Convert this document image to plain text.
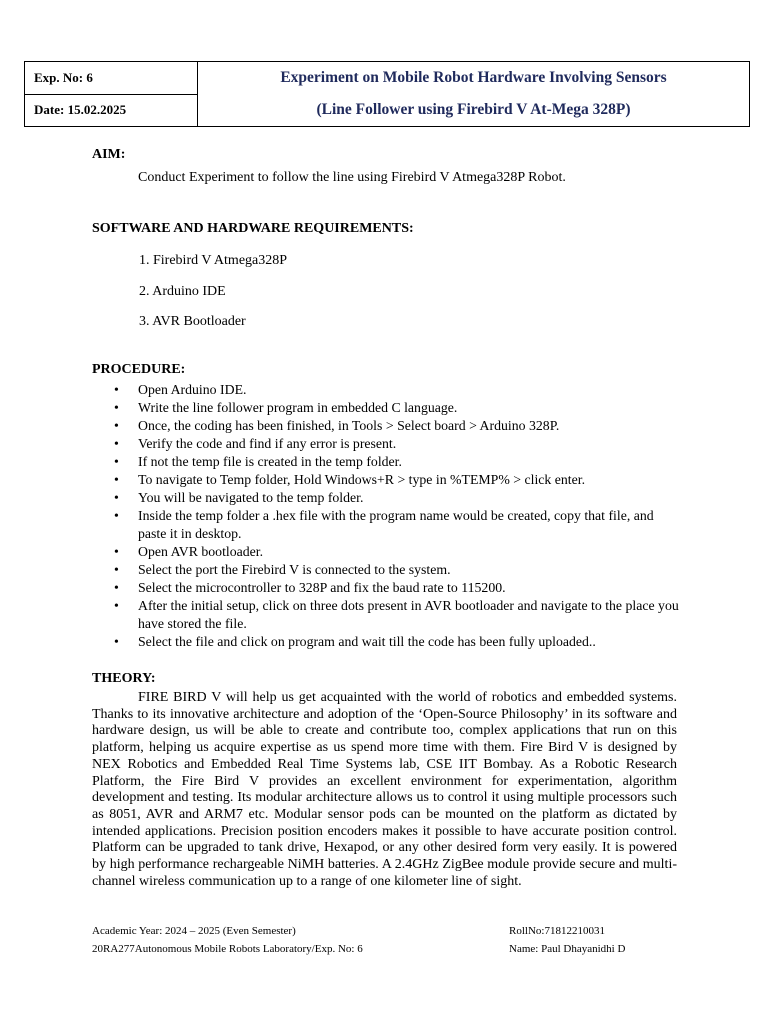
Exp. No: 6
Date: 15.02.2025
Experiment on Mobile Robot Hardware Involving Sensors
(Line Follower using Firebird V At-Mega 328P)
AIM:
Conduct Experiment to follow the line using Firebird V Atmega328P Robot.
SOFTWARE AND HARDWARE REQUIREMENTS:
1. Firebird V Atmega328P
2. Arduino IDE
3. AVR Bootloader
PROCEDURE:
• Open Arduino IDE.
• Write the line follower program in embedded C language.
• Once, the coding has been finished, in Tools > Select board > Arduino 328P.
• Verify the code and find if any error is present.
• If not the temp file is created in the temp folder.
• To navigate to Temp folder, Hold Windows+R > type in %TEMP% > click enter.
• You will be navigated to the temp folder.
• Inside the temp folder a .hex file with the program name would be created, copy that file, and paste it in desktop.
• Open AVR bootloader.
• Select the port the Firebird V is connected to the system.
• Select the microcontroller to 328P and fix the baud rate to 115200.
• After the initial setup, click on three dots present in AVR bootloader and navigate to the place you have stored the file.
• Select the file and click on program and wait till the code has been fully uploaded..
THEORY:

FIRE BIRD V will help us get acquainted with the world of robotics and embedded systems. Thanks to its innovative architecture and adoption of the ‘Open-Source Philosophy’ in its software and hardware design, us will be able to create and contribute too, complex applications that run on this platform, helping us acquire expertise as us spend more time with them. Fire Bird V is designed by NEX Robotics and Embedded Real Time Systems lab, CSE IIT Bombay. As a Robotic Research Platform, the Fire Bird V provides an excellent environment for experimentation, algorithm development and testing. Its modular architecture allows us to control it using multiple processors such as 8051, AVR and ARM7 etc. Modular sensor pods can be mounted on the platform as dictated by intended applications. Precision position encoders makes it possible to have accurate position control. Platform can be upgraded to tank drive, Hexapod, or any other desired form very easily. It is powered by high performance rechargeable NiMH batteries. A 2.4GHz ZigBee module provide secure and multi-channel wireless communication up to a range of one kilometer line of sight.

Academic Year: 2024 – 2025 (Even Semester)
20RA277Autonomous Mobile Robots Laboratory/Exp. No: 6
RollNo:71812210031
Name: Paul Dhayanidhi D
